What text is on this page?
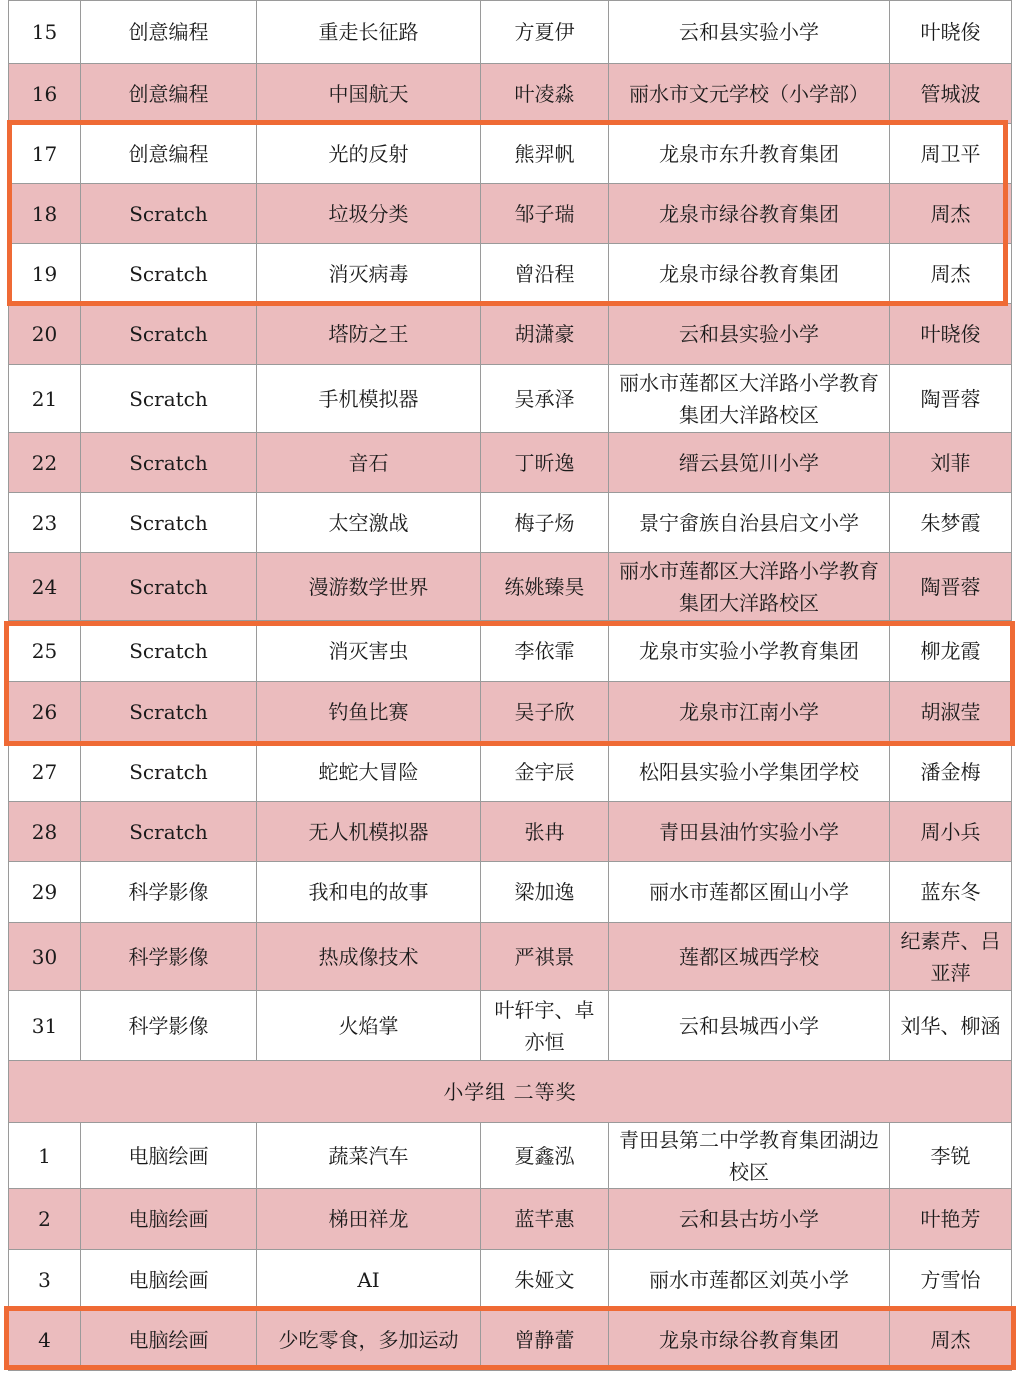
15	创意编程	重走长征路	方夏伊	云和县实验小学	叶晓俊
16	创意编程	中国航天	叶凌淼	丽水市文元学校（小学部）	管城波
17	创意编程	光的反射	熊羿帆	龙泉市东升教育集团	周卫平
18	Scratch	垃圾分类	邹子瑞	龙泉市绿谷教育集团	周杰
19	Scratch	消灭病毒	曾沿程	龙泉市绿谷教育集团	周杰
20	Scratch	塔防之王	胡潇豪	云和县实验小学	叶晓俊
21	Scratch	手机模拟器	吴承泽	丽水市莲都区大洋路小学教育集团大洋路校区	陶晋蓉
22	Scratch	音石	丁昕逸	缙云县笕川小学	刘菲
23	Scratch	太空激战	梅子炀	景宁畲族自治县启文小学	朱梦霞
24	Scratch	漫游数学世界	练姚臻昊	丽水市莲都区大洋路小学教育集团大洋路校区	陶晋蓉
25	Scratch	消灭害虫	李依霏	龙泉市实验小学教育集团	柳龙霞
26	Scratch	钓鱼比赛	吴子欣	龙泉市江南小学	胡淑莹
27	Scratch	蛇蛇大冒险	金宇辰	松阳县实验小学集团学校	潘金梅
28	Scratch	无人机模拟器	张冉	青田县油竹实验小学	周小兵
29	科学影像	我和电的故事	梁加逸	丽水市莲都区囿山小学	蓝东冬
30	科学影像	热成像技术	严祺景	莲都区城西学校	纪素芹、吕亚萍
31	科学影像	火焰掌	叶轩宇、卓亦恒	云和县城西小学	刘华、柳涵
小学组 二等奖					
1	电脑绘画	蔬菜汽车	夏鑫泓	青田县第二中学教育集团湖边校区	李锐
2	电脑绘画	梯田祥龙	蓝芊惠	云和县古坊小学	叶艳芳
3	电脑绘画	AI	朱娅文	丽水市莲都区刘英小学	方雪怡
4	电脑绘画	少吃零食，多加运动	曾静蕾	龙泉市绿谷教育集团	周杰
